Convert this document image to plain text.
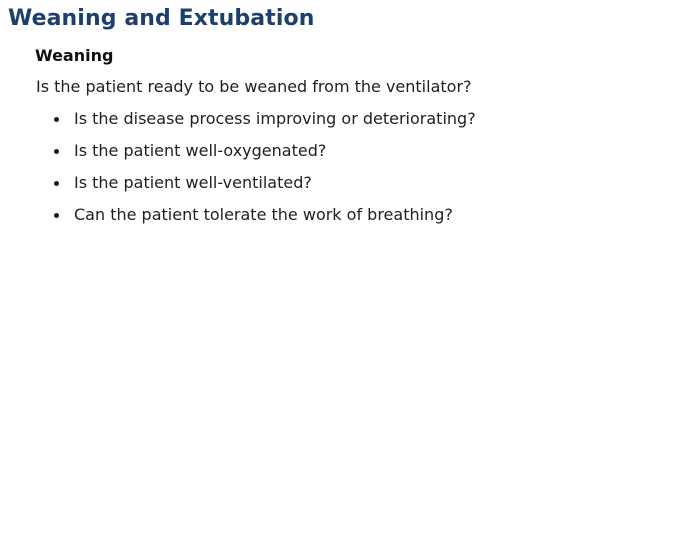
Weaning and Extubation
Weaning

Is the patient ready to be weaned from the ventilator?

Is the disease process improving or deteriorating?
Is the patient well-oxygenated?
Is the patient well-ventilated?
Can the patient tolerate the work of breathing?
